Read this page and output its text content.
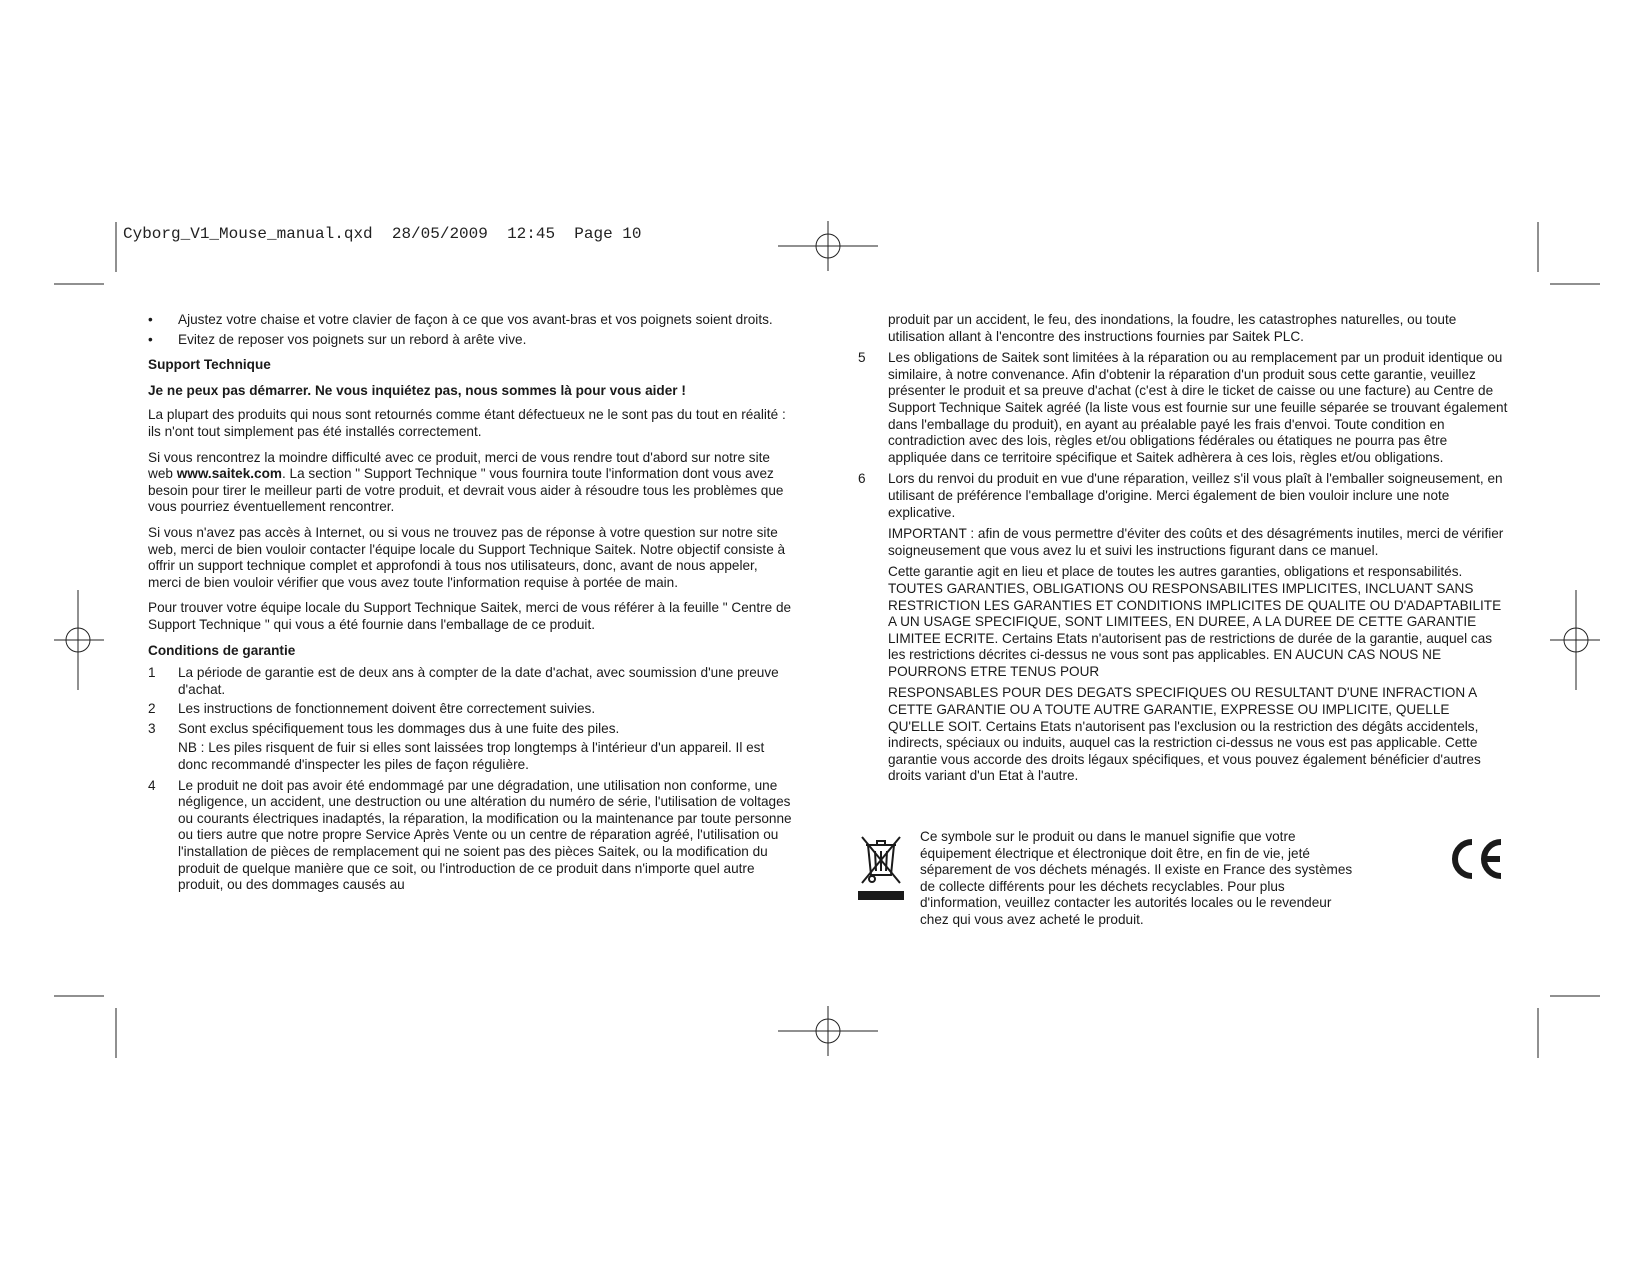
Cyborg_V1_Mouse_manual.qxd  28/05/2009  12:45  Page 10
• Ajustez votre chaise et votre clavier de façon à ce que vos avant-bras et vos poignets soient droits.
• Evitez de reposer vos poignets sur un rebord à arête vive.
Support Technique
Je ne peux pas démarrer. Ne vous inquiétez pas, nous sommes là pour vous aider !

La plupart des produits qui nous sont retournés comme étant défectueux ne le sont pas du tout en réalité : ils n'ont tout simplement pas été installés correctement.

Si vous rencontrez la moindre difficulté avec ce produit, merci de vous rendre tout d'abord sur notre site web www.saitek.com. La section " Support Technique " vous fournira toute l'information dont vous avez besoin pour tirer le meilleur parti de votre produit, et devrait vous aider à résoudre tous les problèmes que vous pourriez éventuellement rencontrer.

Si vous n'avez pas accès à Internet, ou si vous ne trouvez pas de réponse à votre question sur notre site web, merci de bien vouloir contacter l'équipe locale du Support Technique Saitek. Notre objectif consiste à offrir un support technique complet et approfondi à tous nos utilisateurs, donc, avant de nous appeler, merci de bien vouloir vérifier que vous avez toute l'information requise à portée de main.

Pour trouver votre équipe locale du Support Technique Saitek, merci de vous référer à la feuille " Centre de Support Technique " qui vous a été fournie dans l'emballage de ce produit.

Conditions de garantie
1 La période de garantie est de deux ans à compter de la date d'achat, avec soumission d'une preuve d'achat.
2 Les instructions de fonctionnement doivent être correctement suivies.
3 Sont exclus spécifiquement tous les dommages dus à une fuite des piles.
NB : Les piles risquent de fuir si elles sont laissées trop longtemps à l'intérieur d'un appareil. Il est donc recommandé d'inspecter les piles de façon régulière.
4 Le produit ne doit pas avoir été endommagé par une dégradation, une utilisation non conforme, une négligence, un accident, une destruction ou une altération du numéro de série, l'utilisation de voltages ou courants électriques inadaptés, la réparation, la modification ou la maintenance par toute personne ou tiers autre que notre propre Service Après Vente ou un centre de réparation agréé, l'utilisation ou l'installation de pièces de remplacement qui ne soient pas des pièces Saitek, ou la modification du produit de quelque manière que ce soit, ou l'introduction de ce produit dans n'importe quel autre produit, ou des dommages causés au
produit par un accident, le feu, des inondations, la foudre, les catastrophes naturelles, ou toute utilisation allant à l'encontre des instructions fournies par Saitek PLC.
5 Les obligations de Saitek sont limitées à la réparation ou au remplacement par un produit identique ou similaire, à notre convenance. Afin d'obtenir la réparation d'un produit sous cette garantie, veuillez présenter le produit et sa preuve d'achat (c'est à dire le ticket de caisse ou une facture) au Centre de Support Technique Saitek agréé (la liste vous est fournie sur une feuille séparée se trouvant également dans l'emballage du produit), en ayant au préalable payé les frais d'envoi. Toute condition en contradiction avec des lois, règles et/ou obligations fédérales ou étatiques ne pourra pas être appliquée dans ce territoire spécifique et Saitek adhèrera à ces lois, règles et/ou obligations.
6 Lors du renvoi du produit en vue d'une réparation, veillez s'il vous plaît à l'emballer soigneusement, en utilisant de préférence l'emballage d'origine. Merci également de bien vouloir inclure une note explicative.
IMPORTANT : afin de vous permettre d'éviter des coûts et des désagréments inutiles, merci de vérifier soigneusement que vous avez lu et suivi les instructions figurant dans ce manuel.
Cette garantie agit en lieu et place de toutes les autres garanties, obligations et responsabilités. TOUTES GARANTIES, OBLIGATIONS OU RESPONSABILITES IMPLICITES, INCLUANT SANS RESTRICTION LES GARANTIES ET CONDITIONS IMPLICITES DE QUALITE OU D'ADAPTABILITE A UN USAGE SPECIFIQUE, SONT LIMITEES, EN DUREE, A LA DUREE DE CETTE GARANTIE LIMITEE ECRITE. Certains Etats n'autorisent pas de restrictions de durée de la garantie, auquel cas les restrictions décrites ci-dessus ne vous sont pas applicables. EN AUCUN CAS NOUS NE POURRONS ETRE TENUS POUR
RESPONSABLES POUR DES DEGATS SPECIFIQUES OU RESULTANT D'UNE INFRACTION A CETTE GARANTIE OU A TOUTE AUTRE GARANTIE, EXPRESSE OU IMPLICITE, QUELLE QU'ELLE SOIT. Certains Etats n'autorisent pas l'exclusion ou la restriction des dégâts accidentels, indirects, spéciaux ou induits, auquel cas la restriction ci-dessus ne vous est pas applicable. Cette garantie vous accorde des droits légaux spécifiques, et vous pouvez également bénéficier d'autres droits variant d'un Etat à l'autre.
Ce symbole sur le produit ou dans le manuel signifie que votre équipement électrique et électronique doit être, en fin de vie, jeté séparement de vos déchets ménagés. Il existe en France des systèmes de collecte différents pour les déchets recyclables. Pour plus d'information, veuillez contacter les autorités locales ou le revendeur chez qui vous avez acheté le produit.
